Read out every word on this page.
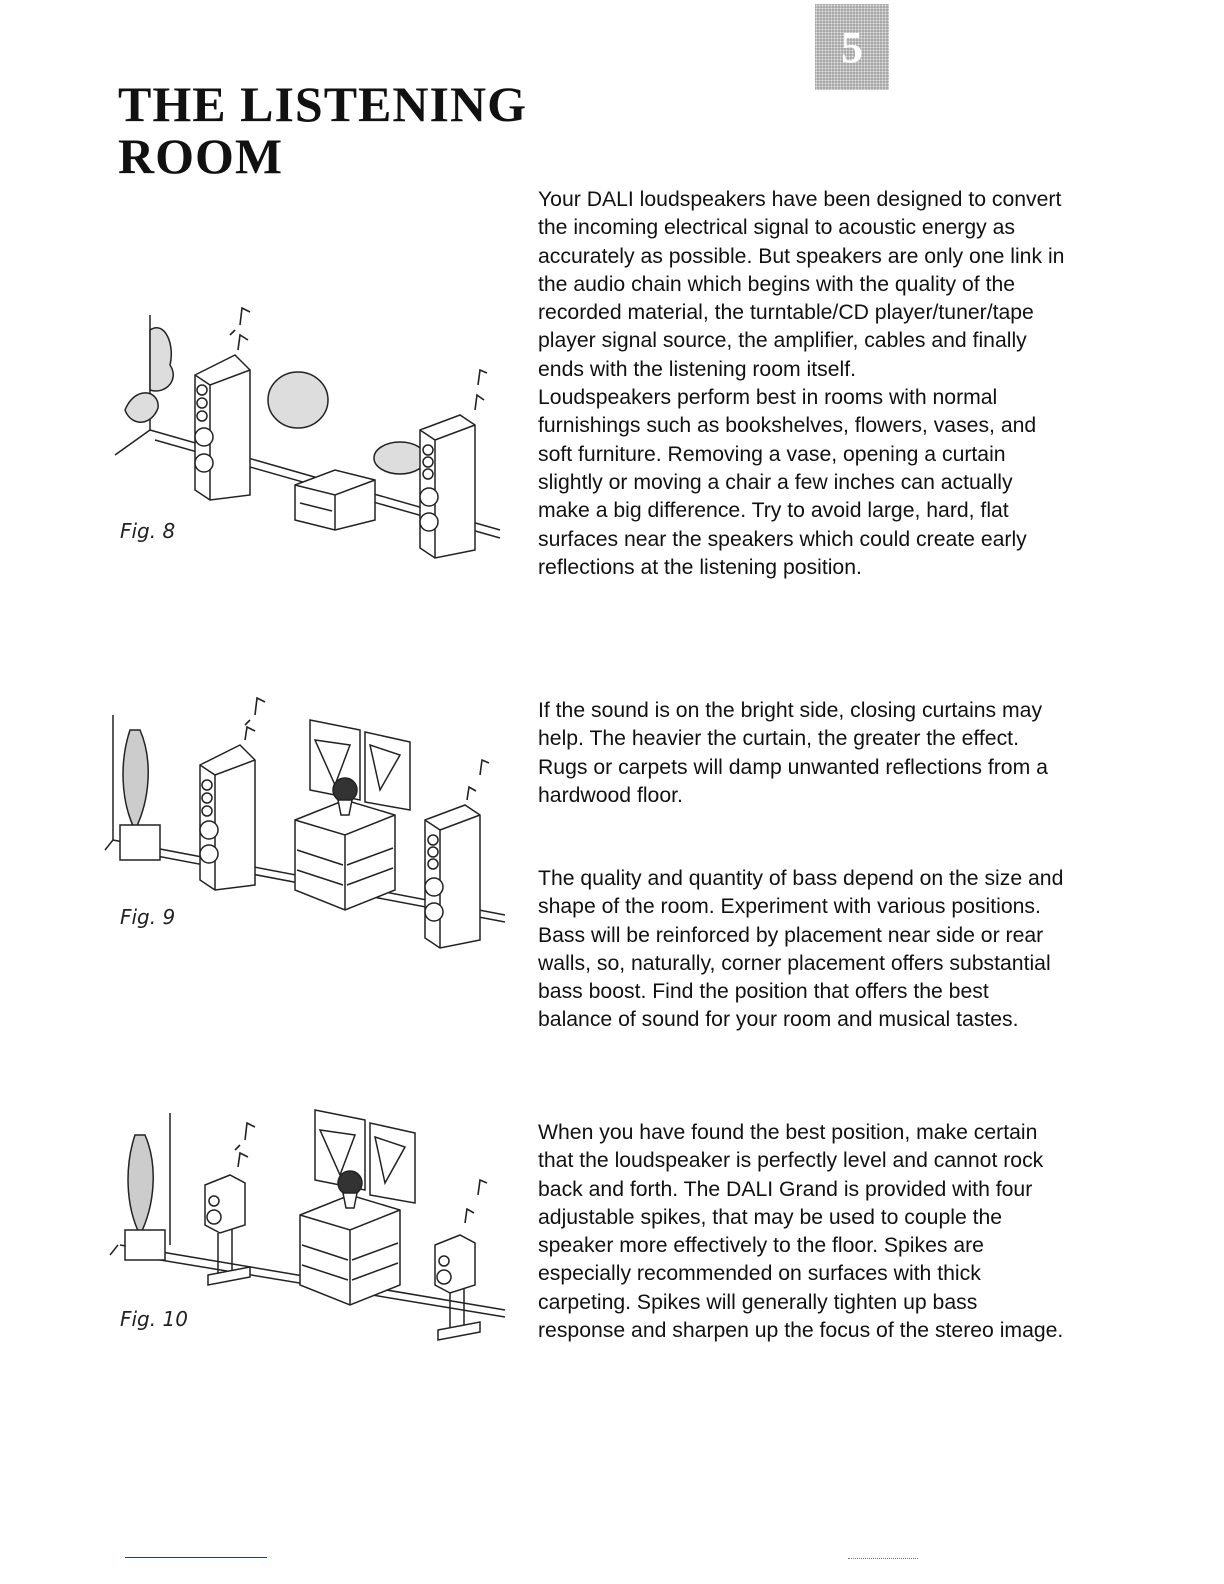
5
THE LISTENING
ROOM

Your DALI loudspeakers have been designed to convert the incoming electrical signal to acoustic energy as accurately as possible. But speakers are only one link in the audio chain which begins with the quality of the recorded material, the turntable/CD player/tuner/tape player signal source, the amplifier, cables and finally ends with the listening room itself.

Loudspeakers perform best in rooms with normal furnishings such as bookshelves, flowers, vases, and soft furniture. Removing a vase, opening a curtain slightly or moving a chair a few inches can actually make a big difference. Try to avoid large, hard, flat surfaces near the speakers which could create early reflections at the listening position.

If the sound is on the bright side, closing curtains may help. The heavier the curtain, the greater the effect. Rugs or carpets will damp unwanted reflections from a hardwood floor.
The quality and quantity of bass depend on the size and shape of the room. Experiment with various positions. Bass will be reinforced by placement near side or rear walls, so, naturally, corner placement offers substantial bass boost. Find the position that offers the best balance of sound for your room and musical tastes.
When you have found the best position, make certain that the loudspeaker is perfectly level and cannot rock back and forth. The DALI Grand is provided with four adjustable spikes, that may be used to couple the speaker more effectively to the floor. Spikes are especially recommended on surfaces with thick carpeting. Spikes will generally tighten up bass response and sharpen up the focus of the stereo image.
Fig. 8
Fig. 9
Fig. 10
